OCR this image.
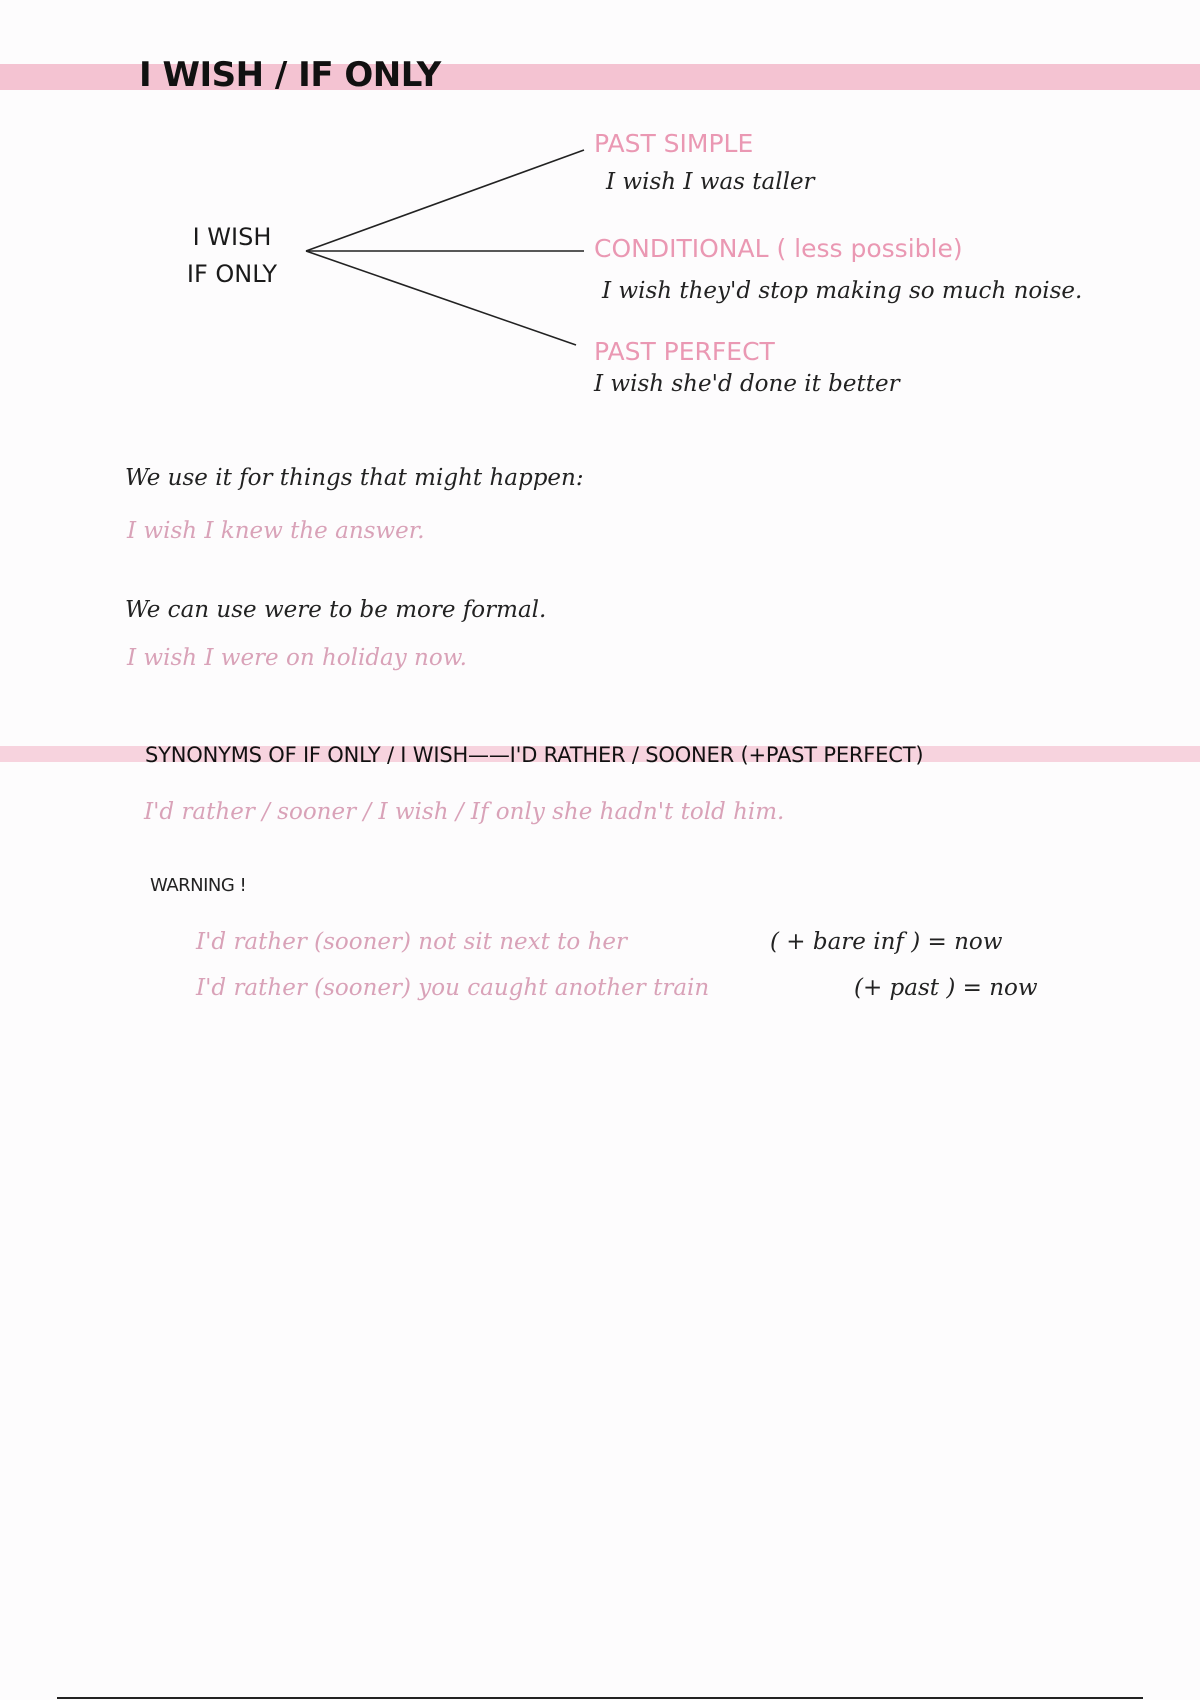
I WISH / IF ONLY
I WISH
IF ONLY
PAST SIMPLE
I wish I was taller
CONDITIONAL ( less possible)
I wish they'd stop making so much noise.
PAST PERFECT
I wish she'd done it better
We use it for things that might happen:
I wish I knew the answer.
We can use were to be more formal.
I wish I were on holiday now.
SYNONYMS OF IF ONLY / I WISH——I'D RATHER / SOONER (+PAST PERFECT)
I'd rather / sooner / I wish / If only she hadn't told him.
WARNING !
I'd rather (sooner) not sit next to her	( + bare inf ) = now
I'd rather (sooner) you caught another train	(+ past ) = now
